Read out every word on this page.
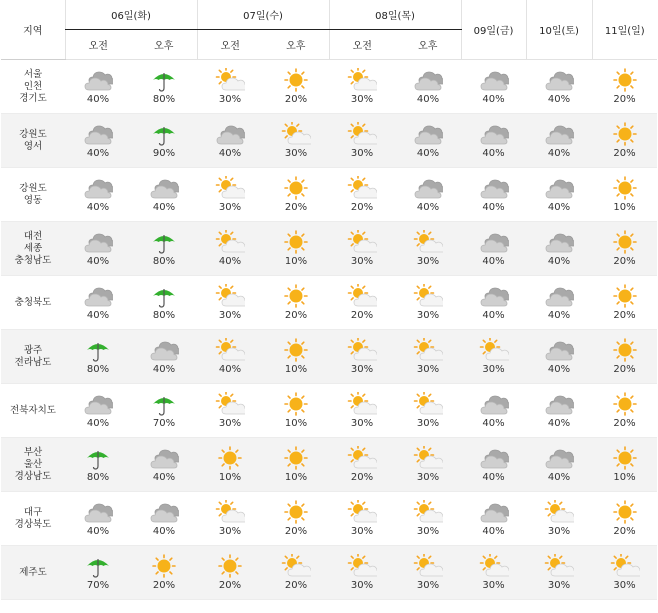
지역	06일(화)		07일(수)		08일(목)		09일(금)	10일(토)	11일(일)
	오전	오후	오전	오후	오전	오후			

서울
인천
경기도	40%	80%	30%	20%	30%	40%	40%	40%	20%

강원도
영서	40%	90%	40%	30%	30%	40%	40%	40%	20%

강원도
영동	40%	40%	30%	20%	20%	40%	40%	40%	10%

대전
세종
충청남도	40%	80%	40%	10%	30%	30%	40%	40%	20%

충청북도	40%	80%	30%	20%	20%	30%	40%	40%	20%

광주
전라남도	80%	40%	40%	10%	30%	30%	30%	40%	20%

전북자치도	40%	70%	30%	10%	30%	30%	40%	40%	20%

부산
울산
경상남도	80%	40%	10%	10%	20%	30%	40%	40%	10%

대구
경상북도	40%	40%	30%	20%	30%	30%	40%	30%	20%

제주도	70%	20%	20%	20%	30%	30%	30%	30%	30%
